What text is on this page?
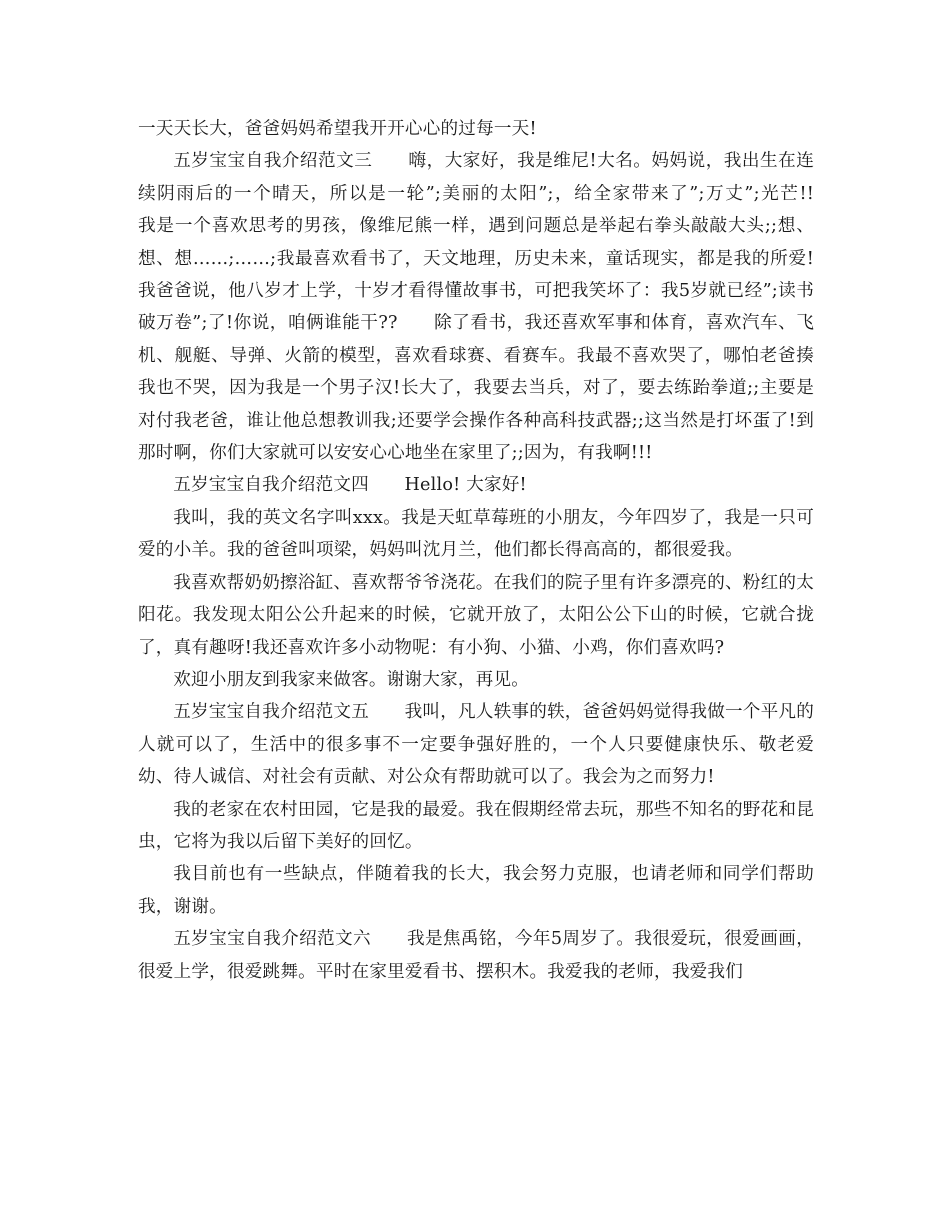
一天天长大，爸爸妈妈希望我开开心心的过每一天!

五岁宝宝自我介绍范文三　　嗨，大家好，我是维尼!大名。妈妈说，我出生在连续阴雨后的一个晴天，所以是一轮”;美丽的太阳”;，给全家带来了”;万丈”;光芒!!　　我是一个喜欢思考的男孩，像维尼熊一样，遇到问题总是举起右拳头敲敲大头;;想、想、想……;……;我最喜欢看书了，天文地理，历史未来，童话现实，都是我的所爱!我爸爸说，他八岁才上学，十岁才看得懂故事书，可把我笑坏了：我5岁就已经”;读书破万卷”;了!你说，咱俩谁能干??　　除了看书，我还喜欢军事和体育，喜欢汽车、飞机、舰艇、导弹、火箭的模型，喜欢看球赛、看赛车。我最不喜欢哭了，哪怕老爸揍我也不哭，因为我是一个男子汉!长大了，我要去当兵，对了，要去练跆拳道;;主要是对付我老爸，谁让他总想教训我;还要学会操作各种高科技武器;;这当然是打坏蛋了!到那时啊，你们大家就可以安安心心地坐在家里了;;因为，有我啊!!!

五岁宝宝自我介绍范文四　　Hello! 大家好!

我叫，我的英文名字叫xxx。我是天虹草莓班的小朋友，今年四岁了，我是一只可爱的小羊。我的爸爸叫项梁，妈妈叫沈月兰，他们都长得高高的，都很爱我。

我喜欢帮奶奶擦浴缸、喜欢帮爷爷浇花。在我们的院子里有许多漂亮的、粉红的太阳花。我发现太阳公公升起来的时候，它就开放了，太阳公公下山的时候，它就合拢了，真有趣呀!我还喜欢许多小动物呢：有小狗、小猫、小鸡，你们喜欢吗?

欢迎小朋友到我家来做客。谢谢大家，再见。

五岁宝宝自我介绍范文五　　我叫，凡人轶事的轶，爸爸妈妈觉得我做一个平凡的人就可以了，生活中的很多事不一定要争强好胜的，一个人只要健康快乐、敬老爱幼、待人诚信、对社会有贡献、对公众有帮助就可以了。我会为之而努力!

我的老家在农村田园，它是我的最爱。我在假期经常去玩，那些不知名的野花和昆虫，它将为我以后留下美好的回忆。

我目前也有一些缺点，伴随着我的长大，我会努力克服，也请老师和同学们帮助我，谢谢。

五岁宝宝自我介绍范文六　　我是焦禹铭，今年5周岁了。我很爱玩，很爱画画，很爱上学，很爱跳舞。平时在家里爱看书、摆积木。我爱我的老师，我爱我们
